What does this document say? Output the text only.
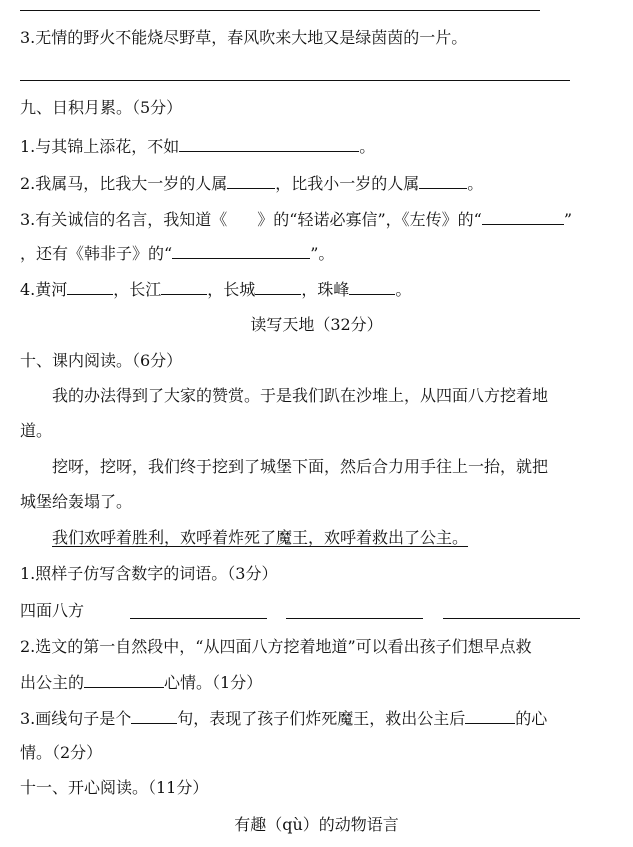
3.无情的野火不能烧尽野草，春风吹来大地又是绿茵茵的一片。
九、日积月累。（5分）
1.与其锦上添花，不如	。
2.我属马，比我大一岁的人属	，比我小一岁的人属	。
3.有关诚信的名言，我知道《 》的“轻诺必寡信”，《左传》的“	”
，还有《韩非子》的“	”。
4.黄河	，长江	，长城	，珠峰	。
读写天地（32分）
十、课内阅读。（6分）
我的办法得到了大家的赞赏。于是我们趴在沙堆上，从四面八方挖着地
道。
挖呀，挖呀，我们终于挖到了城堡下面，然后合力用手往上一抬，就把
城堡给轰塌了。
我们欢呼着胜利，欢呼着炸死了魔王，欢呼着救出了公主。
1.照样子仿写含数字的词语。（3分）
四面八方
2.选文的第一自然段中，“从四面八方挖着地道”可以看出孩子们想早点救
出公主的	心情。（1分）
3.画线句子是个	句，表现了孩子们炸死魔王，救出公主后	的心
情。（2分）
十一、开心阅读。（11分）
有趣（qù）的动物语言
